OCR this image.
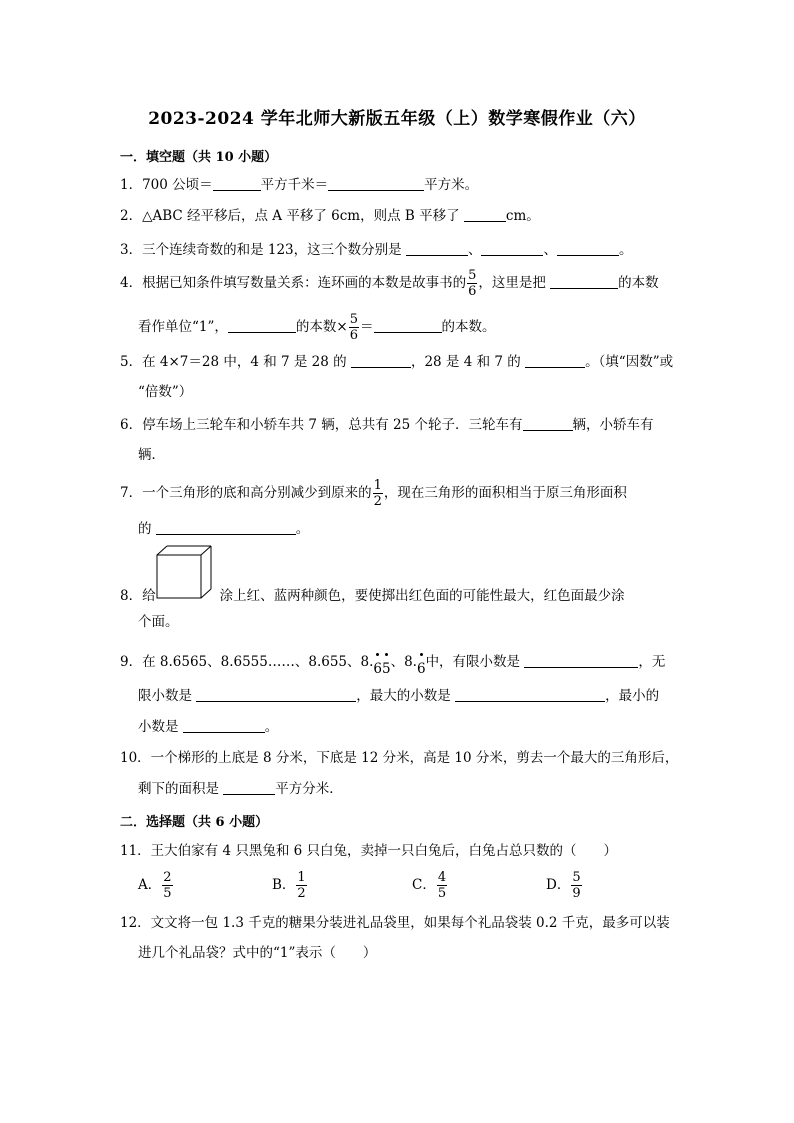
2023-2024 学年北师大新版五年级（上）数学寒假作业（六）
一．填空题（共 10 小题）
1．700 公顷＝	平方千米＝	平方米。
2．△ABC 经平移后，点 A 平移了 6cm，则点 B 平移了	cm。
3．三个连续奇数的和是 123，这三个数分别是	、	、	。
4．根据已知条件填写数量关系：连环画的本数是故事书的 $\frac{5}{6}$ ，这里是把	的本数
看作单位“1”，	的本数× $\frac{5}{6}$ ＝	的本数。
5．在 4×7＝28 中，4 和 7 是 28 的	，28 是 4 和 7 的	。（填“因数”或
“倍数”）
6．停车场上三轮车和小轿车共 7 辆，总共有 25 个轮子．三轮车有	辆，小轿车有
辆．
7．一个三角形的底和高分别减少到原来的 $\frac{1}{2}$ ，现在三角形的面积相当于原三角形面积
的	。
8．给	涂上红、蓝两种颜色，要使掷出红色面的可能性最大，红色面最少涂
个面。
9．在 8.6565、8.6555……、8.655、8.65、8.6中，有限小数是	，无
限小数是	，最大的小数是	，最小的
小数是	。
10．一个梯形的上底是 8 分米，下底是 12 分米，高是 10 分米，剪去一个最大的三角形后，
剩下的面积是	平方分米．
二．选择题（共 6 小题）
11．王大伯家有 4 只黑兔和 6 只白兔，卖掉一只白兔后，白兔占总只数的（　　）
A． $\frac{2}{5}$	B． $\frac{1}{2}$	C． $\frac{4}{5}$	D． $\frac{5}{9}$
12．文文将一包 1.3 千克的糖果分装进礼品袋里，如果每个礼品袋装 0.2 千克，最多可以装
进几个礼品袋？式中的“1”表示（　　）
